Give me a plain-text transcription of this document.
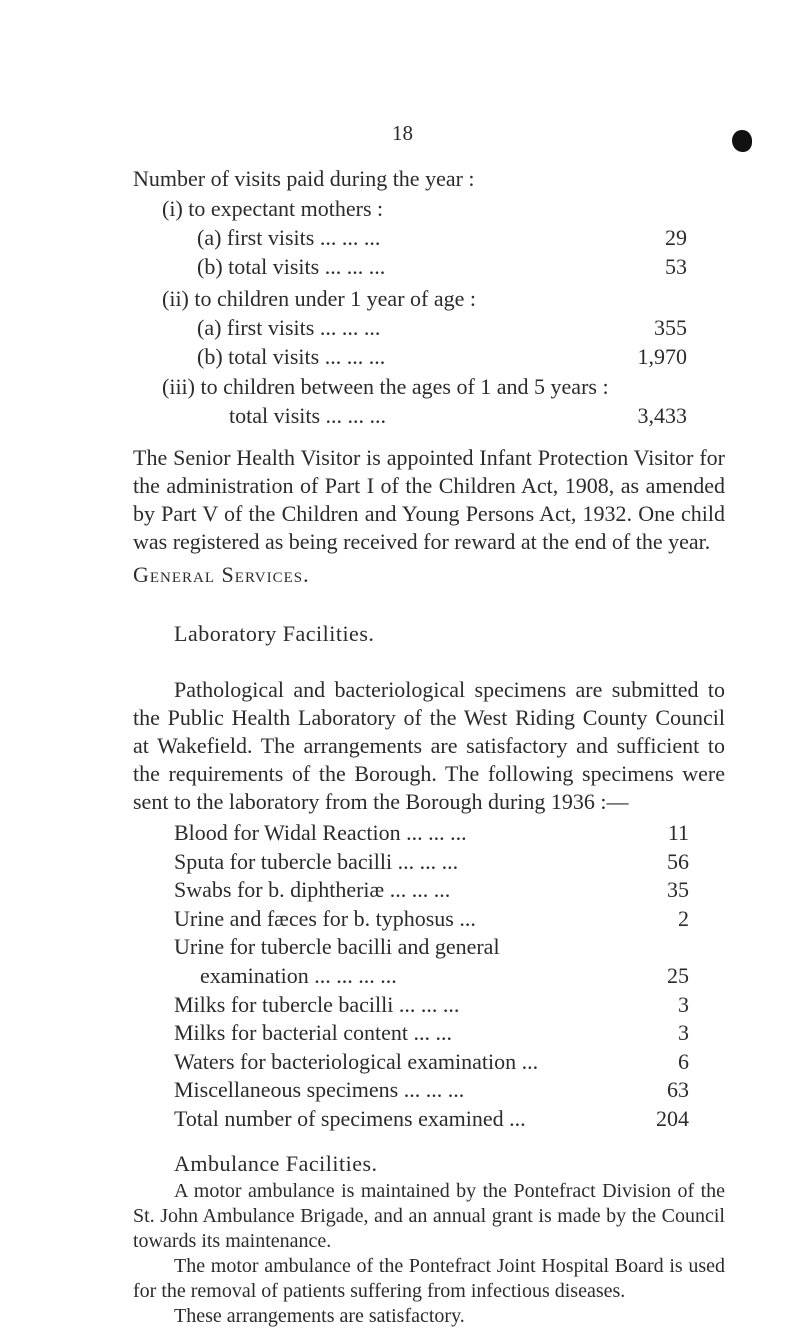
18
Number of visits paid during the year :
(i) to expectant mothers :
(a) first visits ... ... ...	29
(b) total visits ... ... ...	53
(ii) to children under 1 year of age :
(a) first visits ... ... ...	355
(b) total visits ... ... ...	1,970
(iii) to children between the ages of 1 and 5 years :
total visits ... ... ...	3,433
The Senior Health Visitor is appointed Infant Protection Visitor for the administration of Part I of the Children Act, 1908, as amended by Part V of the Children and Young Persons Act, 1932. One child was registered as being received for reward at the end of the year.
General Services.
Laboratory Facilities.
Pathological and bacteriological specimens are submitted to the Public Health Laboratory of the West Riding County Council at Wakefield. The arrangements are satisfactory and sufficient to the requirements of the Borough. The following specimens were sent to the laboratory from the Borough during 1936 :—
Blood for Widal Reaction ... ... ...	11
Sputa for tubercle bacilli ... ... ...	56
Swabs for b. diphtheriæ ... ... ...	35
Urine and fæces for b. typhosus ...	2
Urine for tubercle bacilli and general
examination ... ... ... ...	25
Milks for tubercle bacilli ... ... ...	3
Milks for bacterial content ... ...	3
Waters for bacteriological examination ...	6
Miscellaneous specimens ... ... ...	63
Total number of specimens examined ...	204
Ambulance Facilities.
A motor ambulance is maintained by the Pontefract Division of the St. John Ambulance Brigade, and an annual grant is made by the Council towards its maintenance.
The motor ambulance of the Pontefract Joint Hospital Board is used for the removal of patients suffering from infectious diseases.
These arrangements are satisfactory.
